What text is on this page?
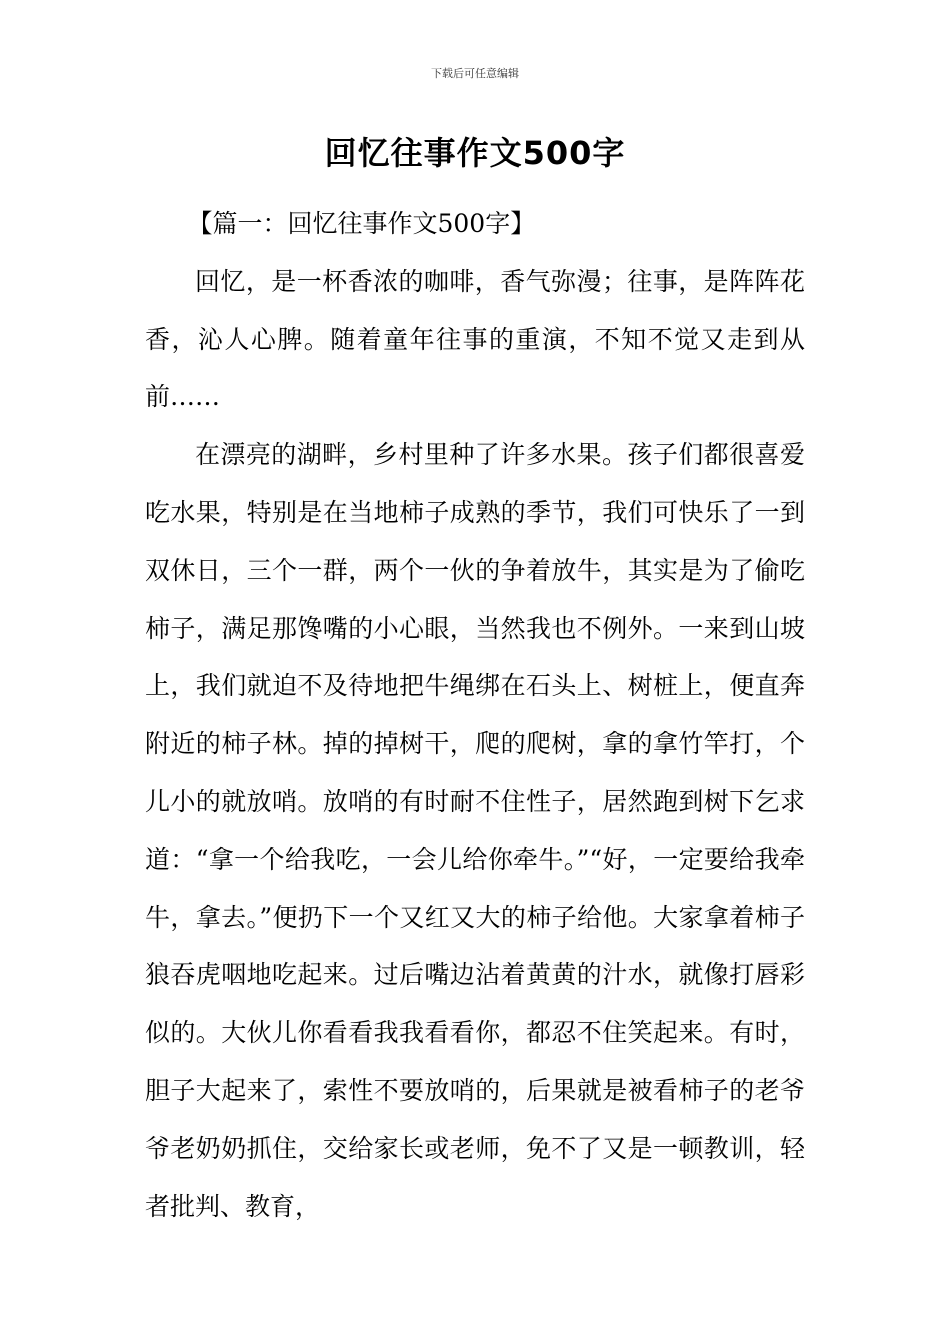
下载后可任意编辑
回忆往事作文500字

【篇一：回忆往事作文500字】

回忆，是一杯香浓的咖啡，香气弥漫；往事，是阵阵花香，沁人心脾。随着童年往事的重演，不知不觉又走到从前……

在漂亮的湖畔，乡村里种了许多水果。孩子们都很喜爱吃水果，特别是在当地柿子成熟的季节，我们可快乐了一到双休日，三个一群，两个一伙的争着放牛，其实是为了偷吃柿子，满足那馋嘴的小心眼，当然我也不例外。一来到山坡上，我们就迫不及待地把牛绳绑在石头上、树桩上，便直奔附近的柿子林。掉的掉树干，爬的爬树，拿的拿竹竿打，个儿小的就放哨。放哨的有时耐不住性子，居然跑到树下乞求道：“拿一个给我吃，一会儿给你牵牛。”“好，一定要给我牵牛，拿去。”便扔下一个又红又大的柿子给他。大家拿着柿子狼吞虎咽地吃起来。过后嘴边沾着黄黄的汁水，就像打唇彩似的。大伙儿你看看我我看看你，都忍不住笑起来。有时，胆子大起来了，索性不要放哨的，后果就是被看柿子的老爷爷老奶奶抓住，交给家长或老师，免不了又是一顿教训，轻者批判、教育，
